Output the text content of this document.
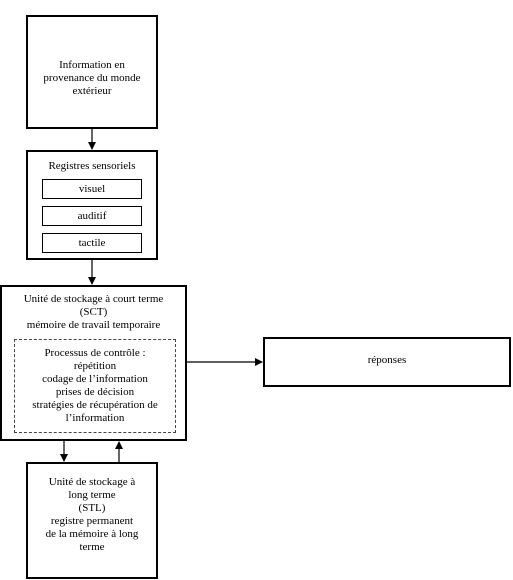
Information en
provenance du monde
extérieur
Registres sensoriels
visuel
auditif
tactile
Unité de stockage à court terme
(SCT)
mémoire de travail temporaire
Processus de contrôle :
répétition
codage de l’information
prises de décision
stratégies de récupération de
l’information
réponses
Unité de stockage à
long terme
(STL)
registre permanent
de la mémoire à long
terme
